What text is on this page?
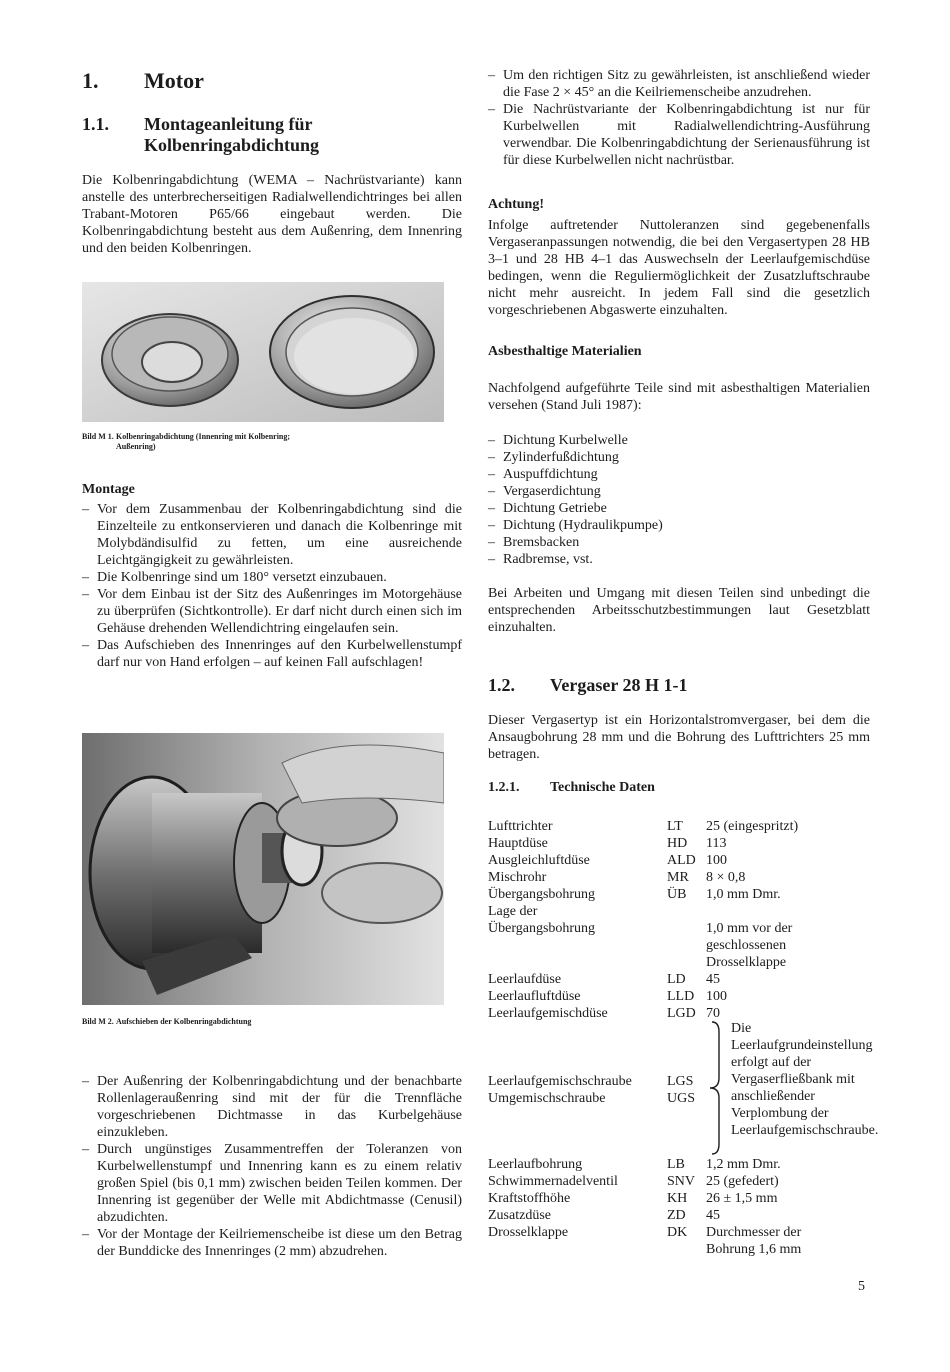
1. Motor
1.1. Montageanleitung für
Kolbenringabdichtung

Die Kolbenringabdichtung (WEMA – Nachrüstvariante) kann anstelle des unterbrecherseitigen Radialwellendichtringes bei allen Trabant-Motoren P65/66 eingebaut werden. Die Kolbenringabdichtung besteht aus dem Außenring, dem Innenring und den beiden Kolbenringen.

Bild M 1. Kolbenringabdichtung (Innenring mit Kolbenring;
Außenring)
Montage
– Vor dem Zusammenbau der Kolbenringabdichtung sind die Einzelteile zu entkonservieren und danach die Kolbenringe mit Molybdändisulfid zu fetten, um eine ausreichende Leichtgängigkeit zu gewährleisten.
– Die Kolbenringe sind um 180° versetzt einzubauen.
– Vor dem Einbau ist der Sitz des Außenringes im Motorgehäuse zu überprüfen (Sichtkontrolle). Er darf nicht durch einen sich im Gehäuse drehenden Wellendichtring eingelaufen sein.
– Das Aufschieben des Innenringes auf den Kurbelwellenstumpf darf nur von Hand erfolgen – auf keinen Fall aufschlagen!
Bild M 2. Aufschieben der Kolbenringabdichtung
– Der Außenring der Kolbenringabdichtung und der benachbarte Rollenlageraußenring sind mit der für die Trennfläche vorgeschriebenen Dichtmasse in das Kurbelgehäuse einzukleben.
– Durch ungünstiges Zusammentreffen der Toleranzen von Kurbelwellenstumpf und Innenring kann es zu einem relativ großen Spiel (bis 0,1 mm) zwischen beiden Teilen kommen. Der Innenring ist gegenüber der Welle mit Abdichtmasse (Cenusil) abzudichten.
– Vor der Montage der Keilriemenscheibe ist diese um den Betrag der Bunddicke des Innenringes (2 mm) abzudrehen.
– Um den richtigen Sitz zu gewährleisten, ist anschließend wieder die Fase 2 × 45° an die Keilriemenscheibe anzudrehen.
– Die Nachrüstvariante der Kolbenringabdichtung ist nur für Kurbelwellen mit Radialwellendichtring-Ausführung verwendbar. Die Kolbenringabdichtung der Serienausführung ist für diese Kurbelwellen nicht nachrüstbar.
Achtung!

Infolge auftretender Nuttoleranzen sind gegebenenfalls Vergaseranpassungen notwendig, die bei den Vergasertypen 28 HB 3–1 und 28 HB 4–1 das Auswechseln der Leerlaufgemischdüse bedingen, wenn die Reguliermöglichkeit der Zusatzluftschraube nicht mehr ausreicht. In jedem Fall sind die gesetzlich vorgeschriebenen Abgaswerte einzuhalten.

Asbesthaltige Materialien

Nachfolgend aufgeführte Teile sind mit asbesthaltigen Materialien versehen (Stand Juli 1987):

– Dichtung Kurbelwelle
– Zylinderfußdichtung
– Auspuffdichtung
– Vergaserdichtung
– Dichtung Getriebe
– Dichtung (Hydraulikpumpe)
– Bremsbacken
– Radbremse, vst.

Bei Arbeiten und Umgang mit diesen Teilen sind unbedingt die entsprechenden Arbeitsschutzbestimmungen laut Gesetzblatt einzuhalten.

1.2. Vergaser 28 H 1-1

Dieser Vergasertyp ist ein Horizontalstromvergaser, bei dem die Ansaugbohrung 28 mm und die Bohrung des Lufttrichters 25 mm betragen.

1.2.1. Technische Daten
Lufttrichter	LT 25 (eingespritzt)
Hauptdüse	HD 113
Ausgleichluftdüse	ALD 100
Mischrohr	MR 8 × 0,8
Übergangsbohrung	ÜB 1,0 mm Dmr.
Lage der Übergangsbohrung	1,0 mm vor der geschlossenen Drosselklappe
Leerlaufdüse	LD 45
Leerlaufluftdüse	LLD 100
Leerlaufgemischdüse	LGD 70
Leerlaufgemischschraube	LGS
Umgemischschraube	UGS
Die Leerlaufgrundeinstellung erfolgt auf der Vergaserfließbank mit anschließender Verplombung der Leerlaufgemischschraube.
Leerlaufbohrung	LB 1,2 mm Dmr.
Schwimmernadelventil	SNV 25 (gefedert)
Kraftstoffhöhe	KH 26 ± 1,5 mm
Zusatzdüse	ZD 45
Drosselklappe	DK Durchmesser der Bohrung 1,6 mm
5
